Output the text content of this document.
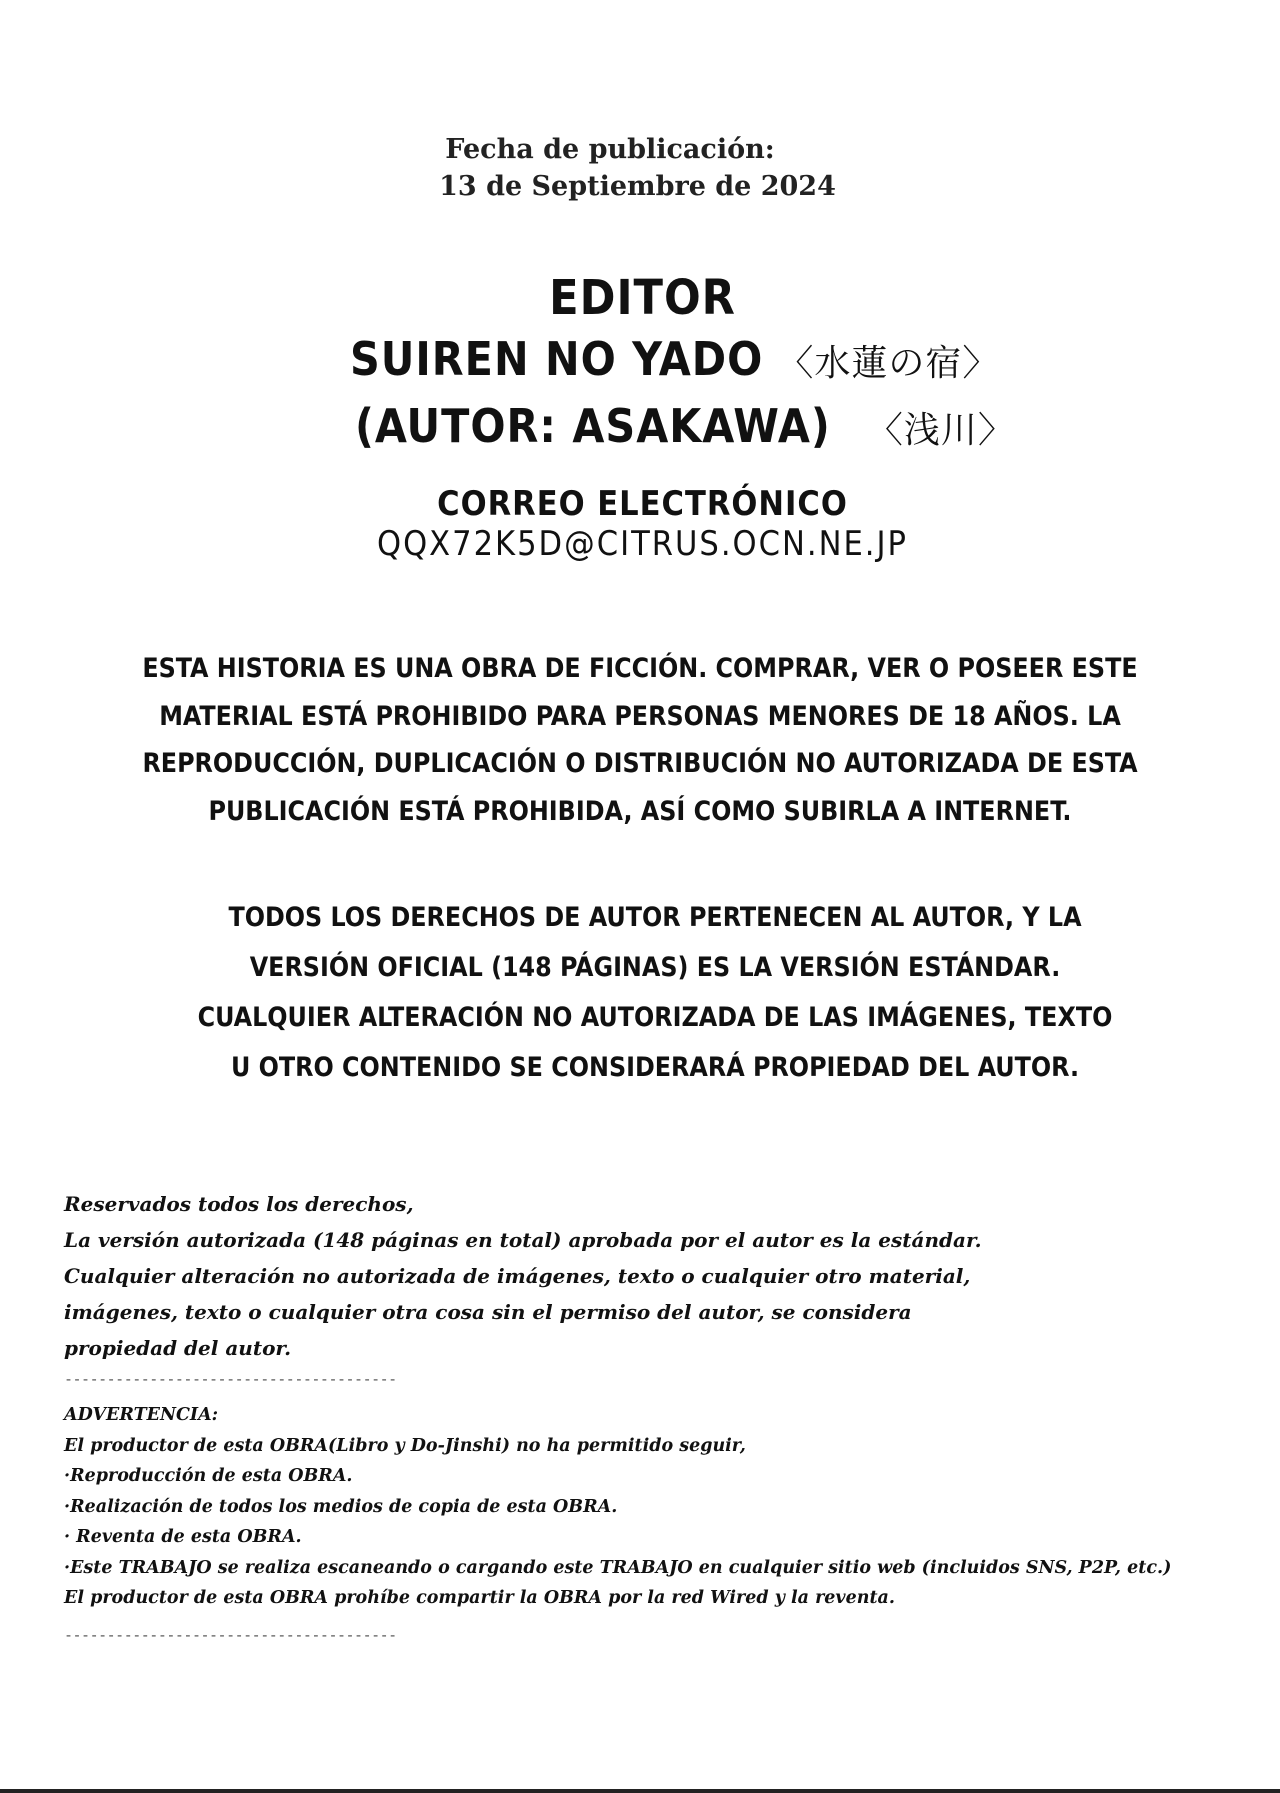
Fecha de publicación:
13 de Septiembre de 2024
EDITOR
SUIREN NO YADO 〈水蓮の宿〉
(AUTOR: ASAKAWA) 〈浅川〉
CORREO ELECTRÓNICO
QQX72K5D@CITRUS.OCN.NE.JP
ESTA HISTORIA ES UNA OBRA DE FICCIÓN. COMPRAR, VER O POSEER ESTE
MATERIAL ESTÁ PROHIBIDO PARA PERSONAS MENORES DE 18 AÑOS. LA
REPRODUCCIÓN, DUPLICACIÓN O DISTRIBUCIÓN NO AUTORIZADA DE ESTA
PUBLICACIÓN ESTÁ PROHIBIDA, ASÍ COMO SUBIRLA A INTERNET.
TODOS LOS DERECHOS DE AUTOR PERTENECEN AL AUTOR, Y LA
VERSIÓN OFICIAL (148 PÁGINAS) ES LA VERSIÓN ESTÁNDAR.
CUALQUIER ALTERACIÓN NO AUTORIZADA DE LAS IMÁGENES, TEXTO
U OTRO CONTENIDO SE CONSIDERARÁ PROPIEDAD DEL AUTOR.
Reservados todos los derechos,
La versión autorizada (148 páginas en total) aprobada por el autor es la estándar.
Cualquier alteración no autorizada de imágenes, texto o cualquier otro material,
imágenes, texto o cualquier otra cosa sin el permiso del autor, se considera
propiedad del autor.
---------------------------------------
ADVERTENCIA:
El productor de esta OBRA(Libro y Do-Jinshi) no ha permitido seguir,
·Reproducción de esta OBRA.
·Realización de todos los medios de copia de esta OBRA.
· Reventa de esta OBRA.
·Este TRABAJO se realiza escaneando o cargando este TRABAJO en cualquier sitio web (incluidos SNS, P2P, etc.)
El productor de esta OBRA prohíbe compartir la OBRA por la red Wired y la reventa.
---------------------------------------
